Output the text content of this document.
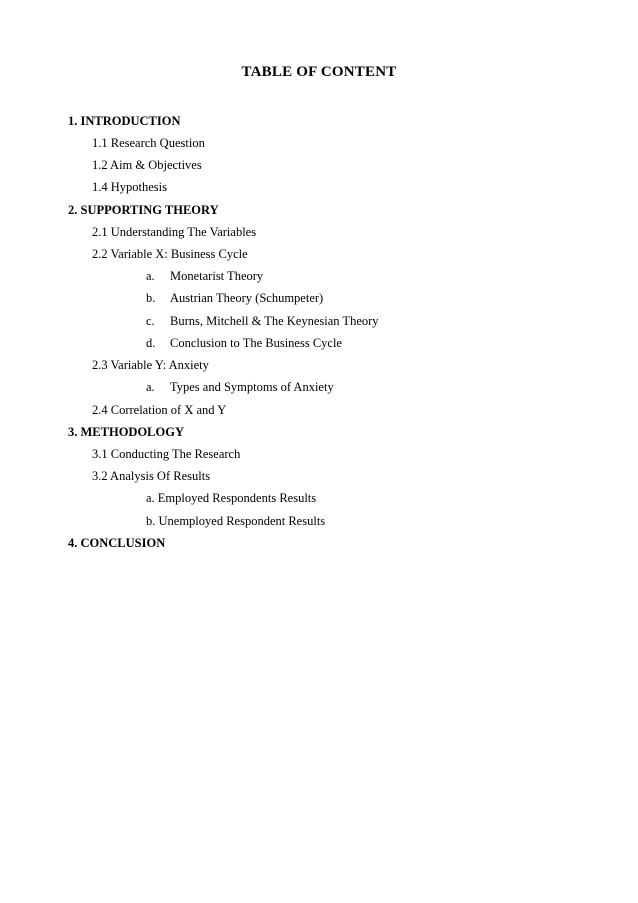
TABLE OF CONTENT
1. INTRODUCTION
1.1 Research Question
1.2 Aim & Objectives
1.4 Hypothesis
2. SUPPORTING THEORY
2.1 Understanding The Variables
2.2 Variable X: Business Cycle
a. Monetarist Theory
b. Austrian Theory (Schumpeter)
c. Burns, Mitchell & The Keynesian Theory
d. Conclusion to The Business Cycle
2.3 Variable Y: Anxiety
a. Types and Symptoms of Anxiety
2.4 Correlation of X and Y
3. METHODOLOGY
3.1 Conducting The Research
3.2 Analysis Of Results
a. Employed Respondents Results
b. Unemployed Respondent Results
4. CONCLUSION
